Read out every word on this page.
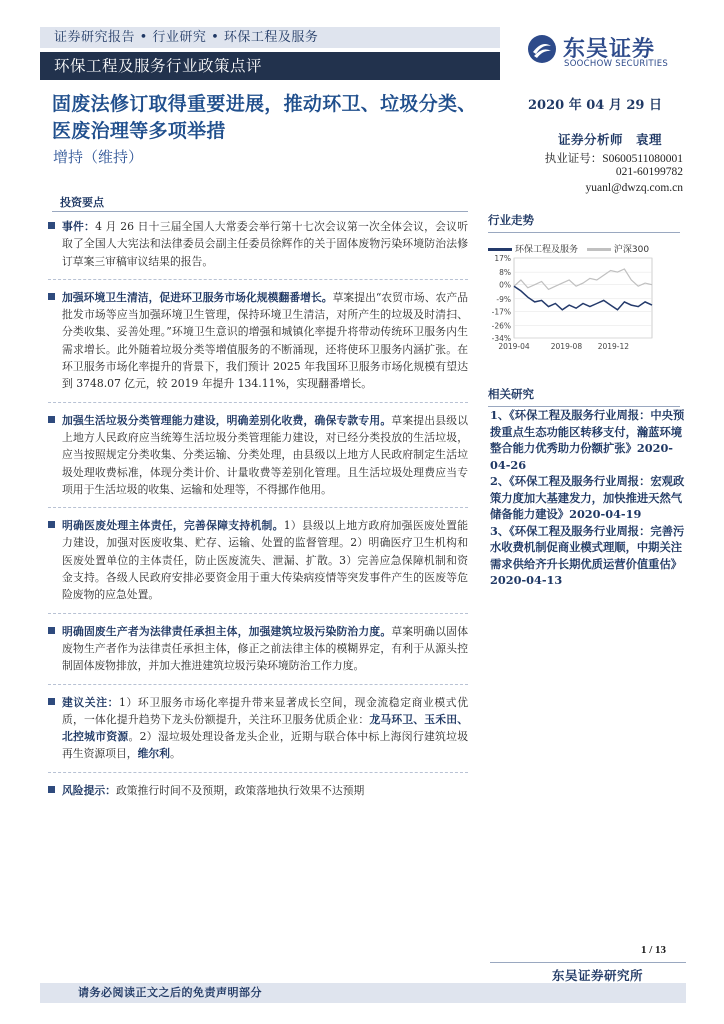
证券研究报告 • 行业研究 • 环保工程及服务
环保工程及服务行业政策点评
东吴证券
SOOCHOW SECURITIES
固废法修订取得重要进展，推动环卫、垃圾分类、医废治理等多项举措
增持（维持）
2020 年 04 月 29 日
证券分析师　袁理
执业证号：S0600511080001
021-60199782
yuanl@dwzq.com.cn
投资要点
事件：4 月 26 日十三届全国人大常委会举行第十七次会议第一次全体会议，会议听取了全国人大宪法和法律委员会副主任委员徐辉作的关于固体废物污染环境防治法修订草案三审稿审议结果的报告。
加强环境卫生清洁，促进环卫服务市场化规模翻番增长。草案提出“农贸市场、农产品批发市场等应当加强环境卫生管理，保持环境卫生清洁，对所产生的垃圾及时清扫、分类收集、妥善处理。”环境卫生意识的增强和城镇化率提升将带动传统环卫服务内生需求增长。此外随着垃圾分类等增值服务的不断涌现，还将使环卫服务内涵扩张。在环卫服务市场化率提升的背景下，我们预计 2025 年我国环卫服务市场化规模有望达到 3748.07 亿元，较 2019 年提升 134.11%，实现翻番增长。
加强生活垃圾分类管理能力建设，明确差别化收费，确保专款专用。草案提出县级以上地方人民政府应当统筹生活垃圾分类管理能力建设，对已经分类投放的生活垃圾，应当按照规定分类收集、分类运输、分类处理，由县级以上地方人民政府制定生活垃圾处理收费标准，体现分类计价、计量收费等差别化管理。且生活垃圾处理费应当专项用于生活垃圾的收集、运输和处理等，不得挪作他用。
明确医废处理主体责任，完善保障支持机制。1）县级以上地方政府加强医废处置能力建设，加强对医废收集、贮存、运输、处置的监督管理。2）明确医疗卫生机构和医废处置单位的主体责任，防止医废流失、泄漏、扩散。3）完善应急保障机制和资金支持。各级人民政府安排必要资金用于重大传染病疫情等突发事件产生的医废等危险废物的应急处置。
明确固废生产者为法律责任承担主体，加强建筑垃圾污染防治力度。草案明确以固体废物生产者作为法律责任承担主体，修正之前法律主体的模糊界定，有利于从源头控制固体废物排放，并加大推进建筑垃圾污染环境防治工作力度。
建议关注：1）环卫服务市场化率提升带来显著成长空间，现金流稳定商业模式优质，一体化提升趋势下龙头份额提升，关注环卫服务优质企业：龙马环卫、玉禾田、北控城市资源。2）湿垃圾处理设备龙头企业，近期与联合体中标上海闵行建筑垃圾再生资源项目，维尔利。
风险提示：政策推行时间不及预期，政策落地执行效果不达预期
行业走势
环保工程及服务	沪深300
17%
8%
0%
-9%
-17%
-26%
-34%
2019-04	2019-08 2019-12
相关研究

1、《环保工程及服务行业周报：中央预拨重点生态功能区转移支付，瀚蓝环境整合能力优秀助力份额扩张》2020-04-26

2、《环保工程及服务行业周报：宏观政策力度加大基建发力，加快推进天然气储备能力建设》2020-04-19

3、《环保工程及服务行业周报：完善污水收费机制促商业模式理顺，中期关注需求供给齐升长期优质运营价值重估》2020-04-13

1 / 13
东吴证券研究所
请务必阅读正文之后的免责声明部分
